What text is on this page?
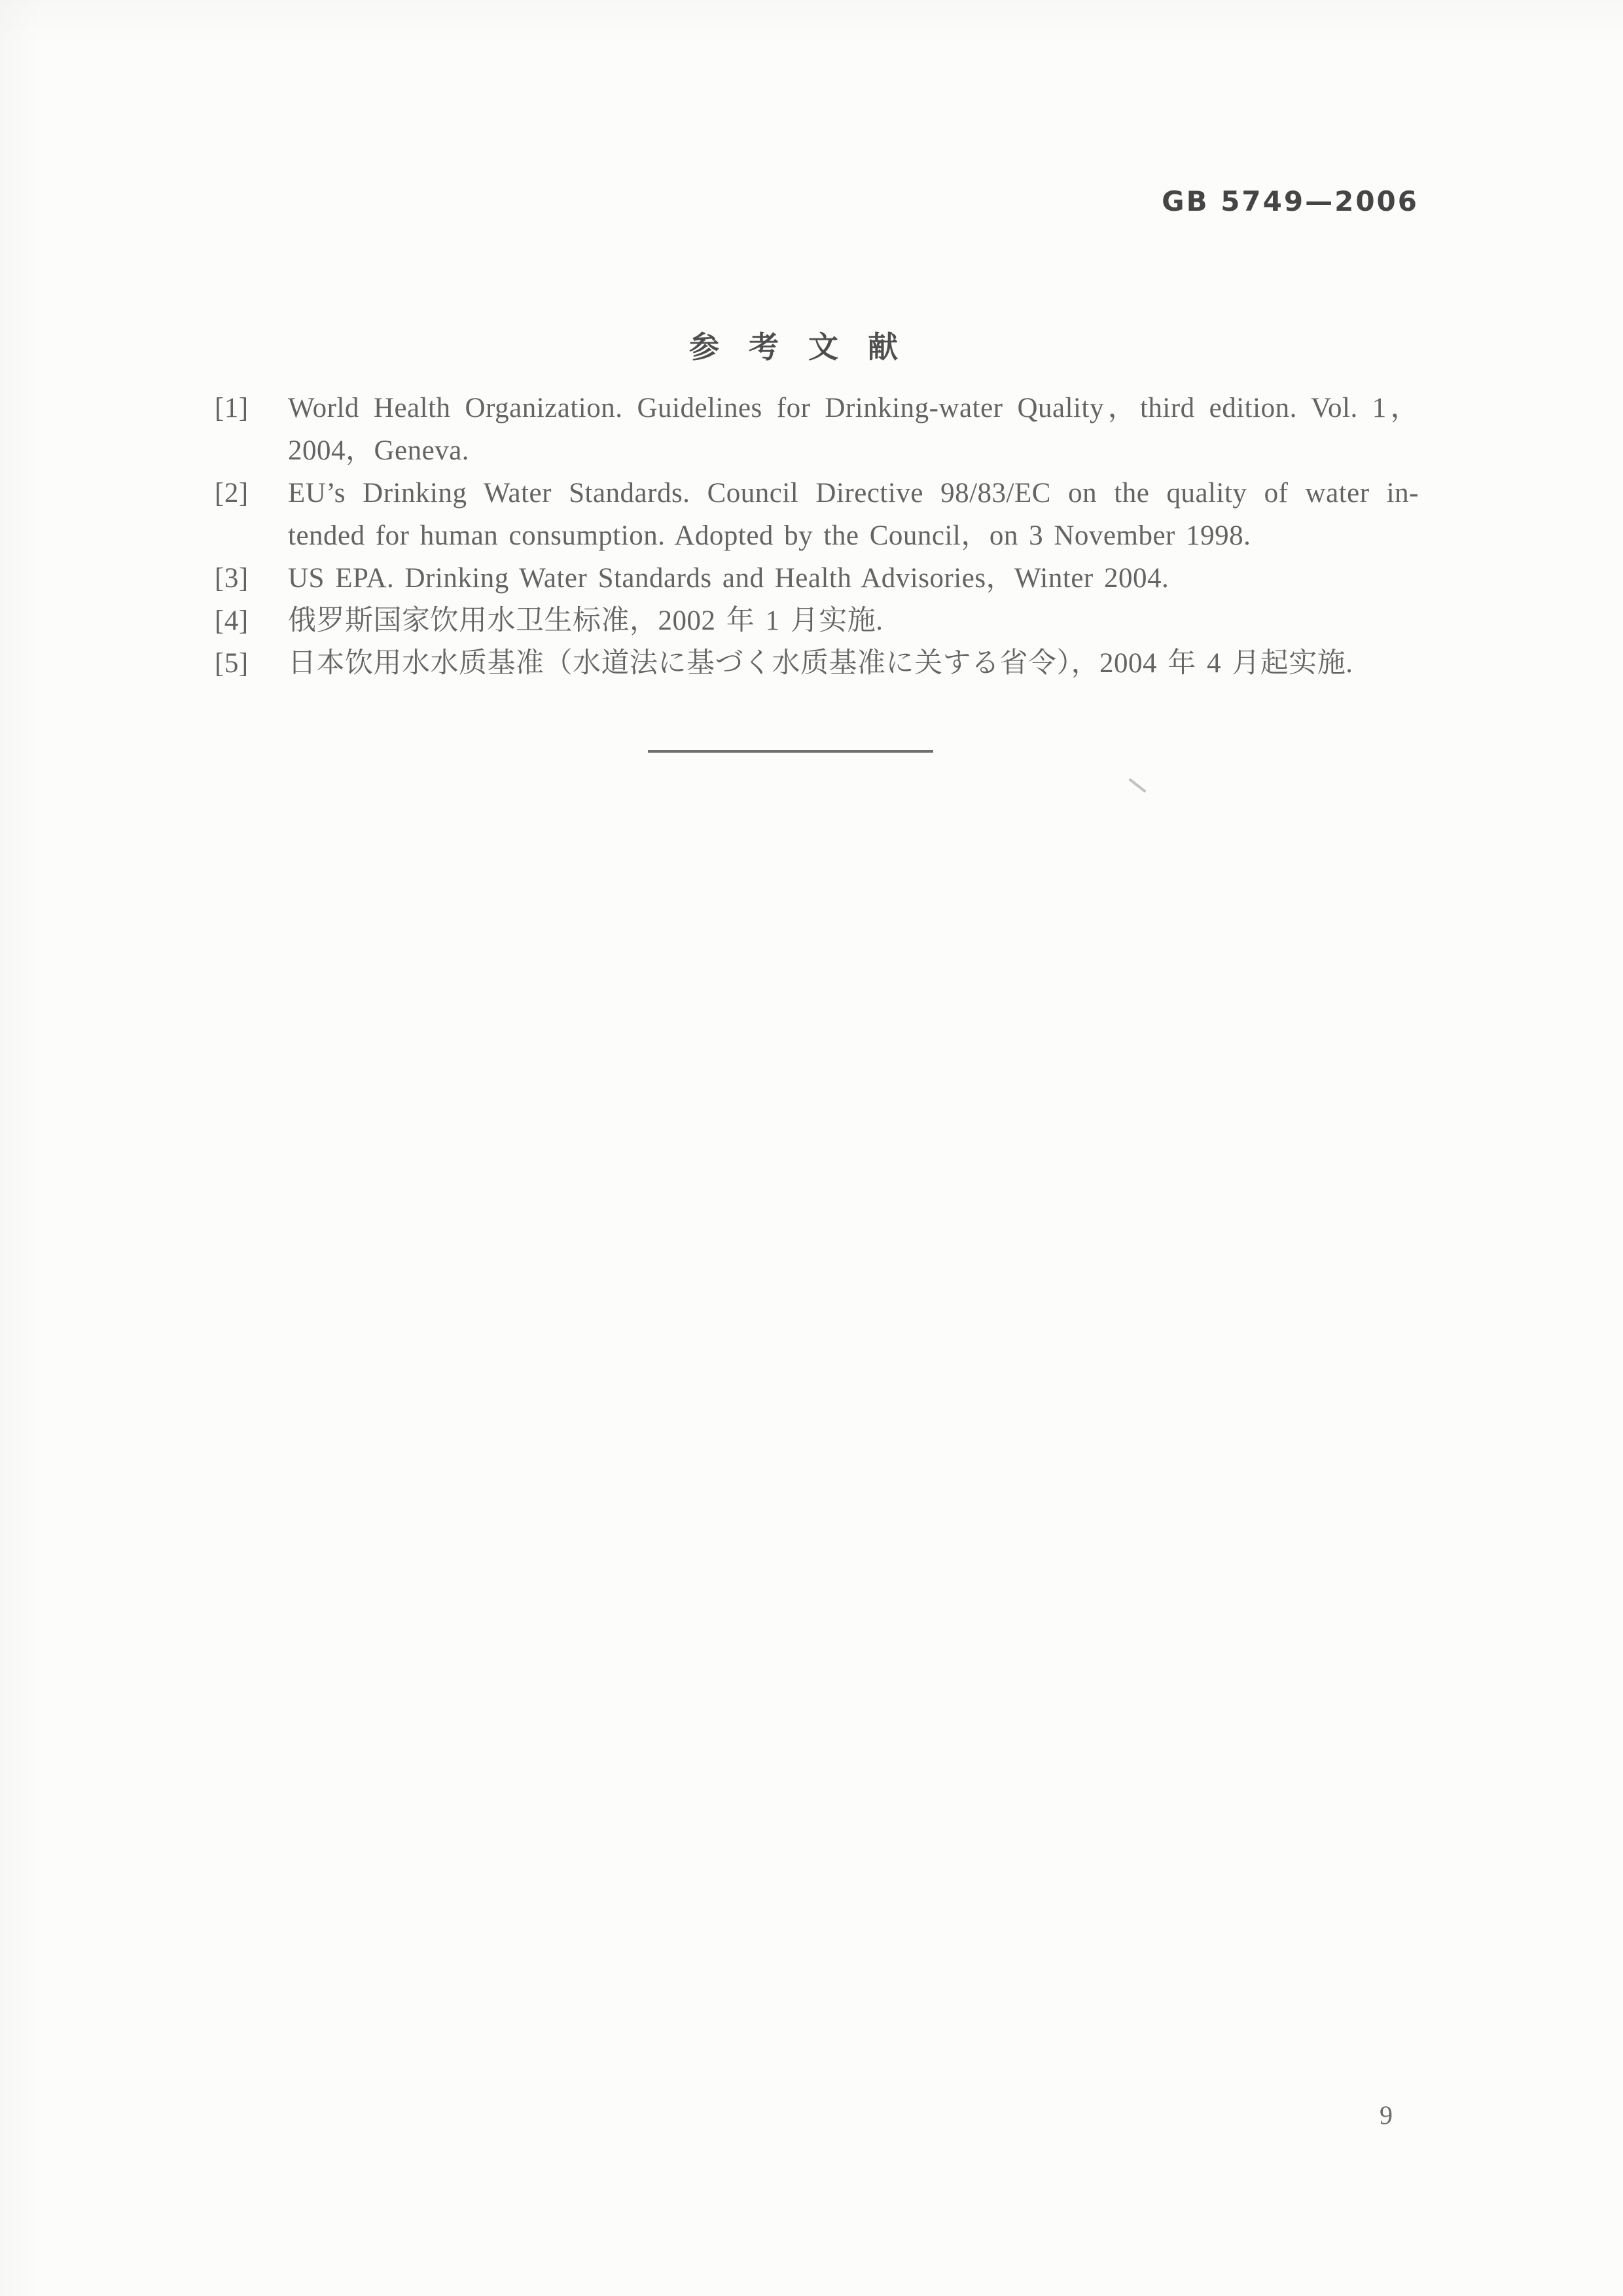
GB 5749—2006
参考文献
[1]	World Health Organization. Guidelines for Drinking-water Quality，third edition. Vol. 1，
2004，Geneva.
[2]	EU’s Drinking Water Standards. Council Directive 98/83/EC on the quality of water in-
tended for human consumption. Adopted by the Council，on 3 November 1998.
[3]	US EPA. Drinking Water Standards and Health Advisories，Winter 2004.
[4]	俄罗斯国家饮用水卫生标准，2002 年 1 月实施.
[5]	日本饮用水水质基准（水道法に基づく水质基准に关する省令），2004 年 4 月起实施.
9
